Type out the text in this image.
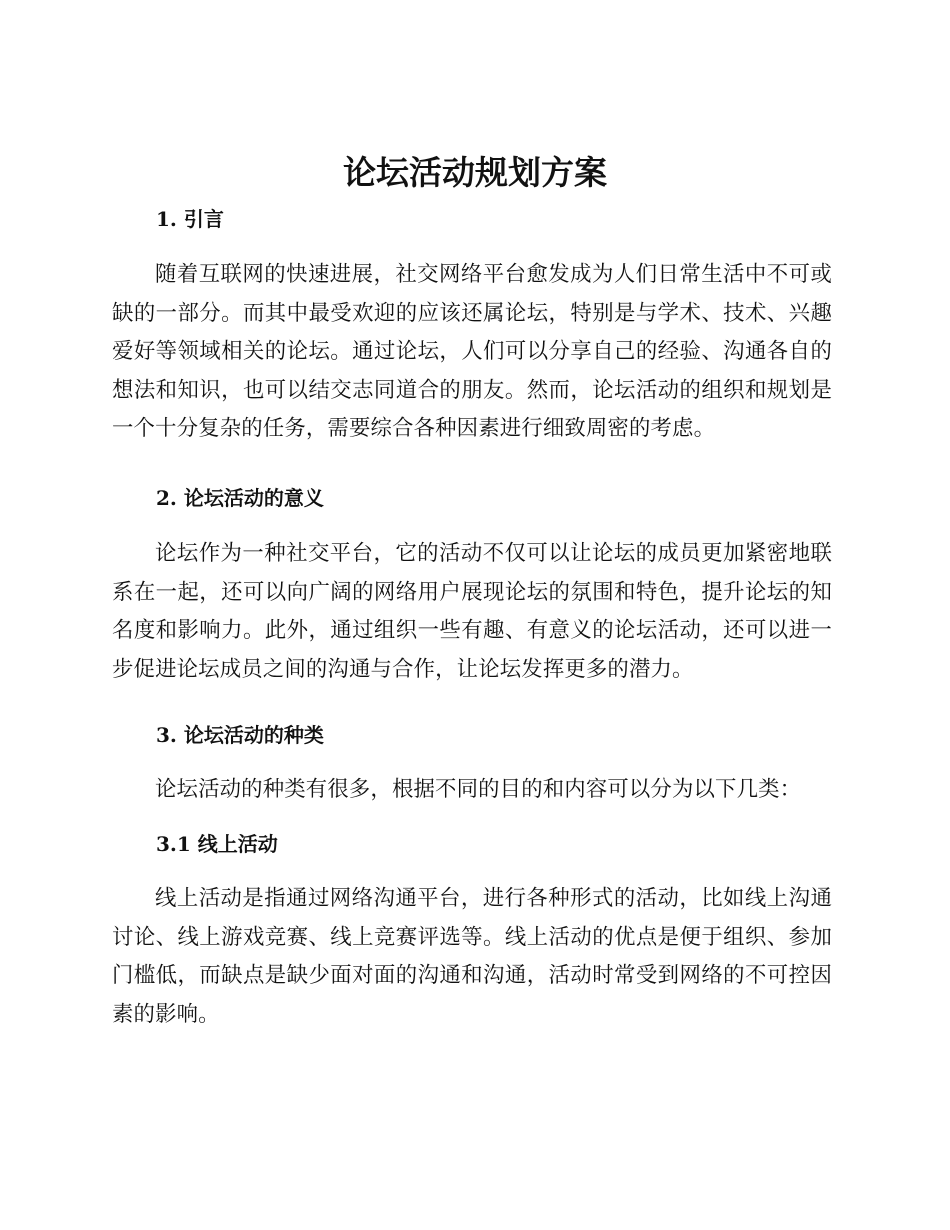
论坛活动规划方案
1. 引言

随着互联网的快速进展，社交网络平台愈发成为人们日常生活中不可或缺的一部分。而其中最受欢迎的应该还属论坛，特别是与学术、技术、兴趣爱好等领域相关的论坛。通过论坛，人们可以分享自己的经验、沟通各自的想法和知识，也可以结交志同道合的朋友。然而，论坛活动的组织和规划是一个十分复杂的任务，需要综合各种因素进行细致周密的考虑。

2. 论坛活动的意义

论坛作为一种社交平台，它的活动不仅可以让论坛的成员更加紧密地联系在一起，还可以向广阔的网络用户展现论坛的氛围和特色，提升论坛的知名度和影响力。此外，通过组织一些有趣、有意义的论坛活动，还可以进一步促进论坛成员之间的沟通与合作，让论坛发挥更多的潜力。

3. 论坛活动的种类

论坛活动的种类有很多，根据不同的目的和内容可以分为以下几类：

3.1 线上活动

线上活动是指通过网络沟通平台，进行各种形式的活动，比如线上沟通讨论、线上游戏竞赛、线上竞赛评选等。线上活动的优点是便于组织、参加门槛低，而缺点是缺少面对面的沟通和沟通，活动时常受到网络的不可控因素的影响。
